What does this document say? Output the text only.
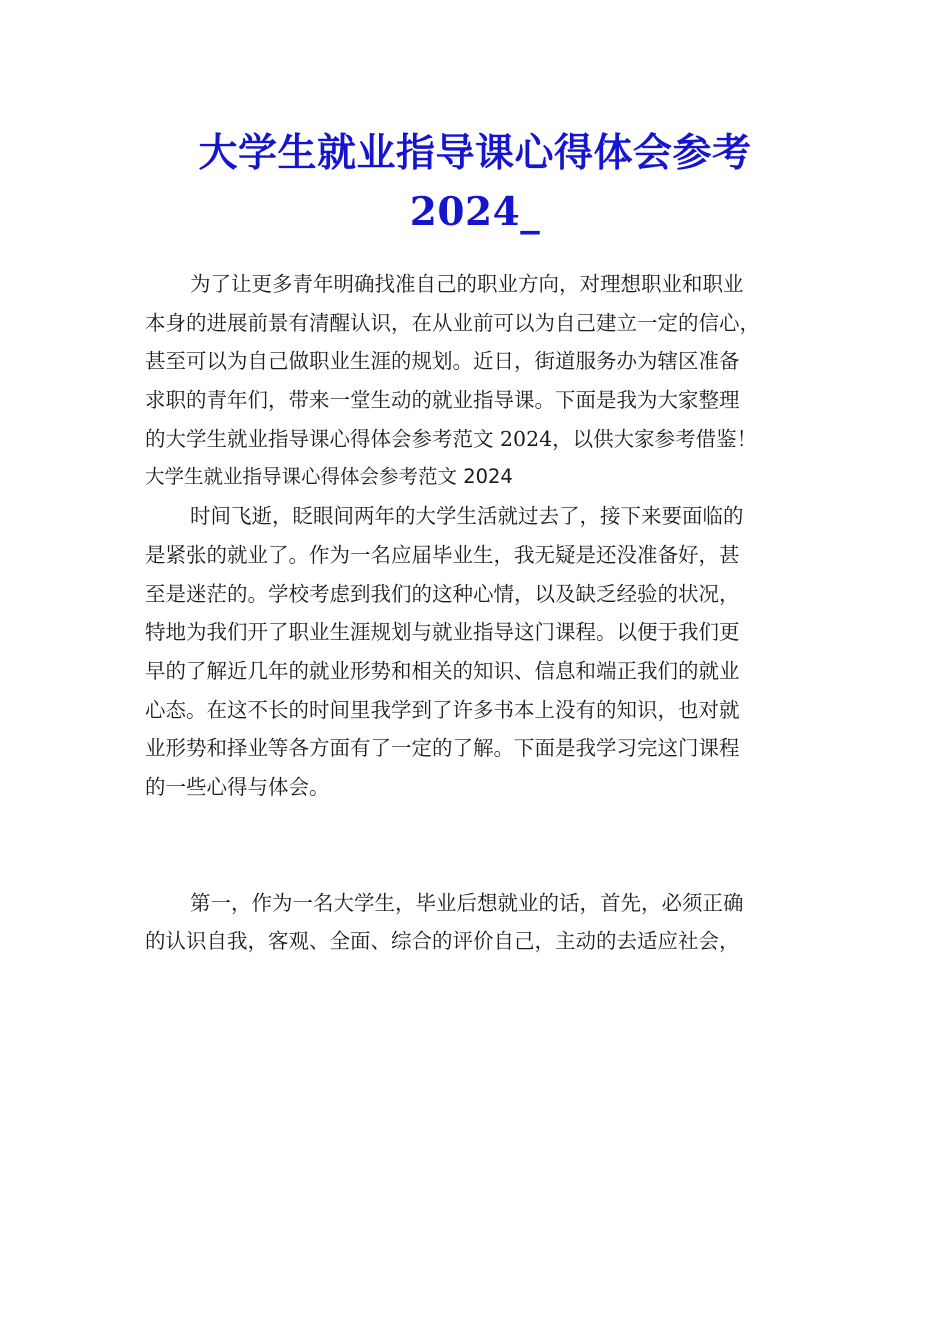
大学生就业指导课心得体会参考
2024_
为了让更多青年明确找准自己的职业方向，对理想职业和职业
本身的进展前景有清醒认识，在从业前可以为自己建立一定的信心，
甚至可以为自己做职业生涯的规划。近日，街道服务办为辖区准备
求职的青年们，带来一堂生动的就业指导课。下面是我为大家整理
的大学生就业指导课心得体会参考范文 2024，以供大家参考借鉴！
大学生就业指导课心得体会参考范文 2024
时间飞逝，眨眼间两年的大学生活就过去了，接下来要面临的
是紧张的就业了。作为一名应届毕业生，我无疑是还没准备好，甚
至是迷茫的。学校考虑到我们的这种心情，以及缺乏经验的状况，
特地为我们开了职业生涯规划与就业指导这门课程。以便于我们更
早的了解近几年的就业形势和相关的知识、信息和端正我们的就业
心态。在这不长的时间里我学到了许多书本上没有的知识，也对就
业形势和择业等各方面有了一定的了解。下面是我学习完这门课程
的一些心得与体会。
第一，作为一名大学生，毕业后想就业的话，首先，必须正确
的认识自我，客观、全面、综合的评价自己，主动的去适应社会，
